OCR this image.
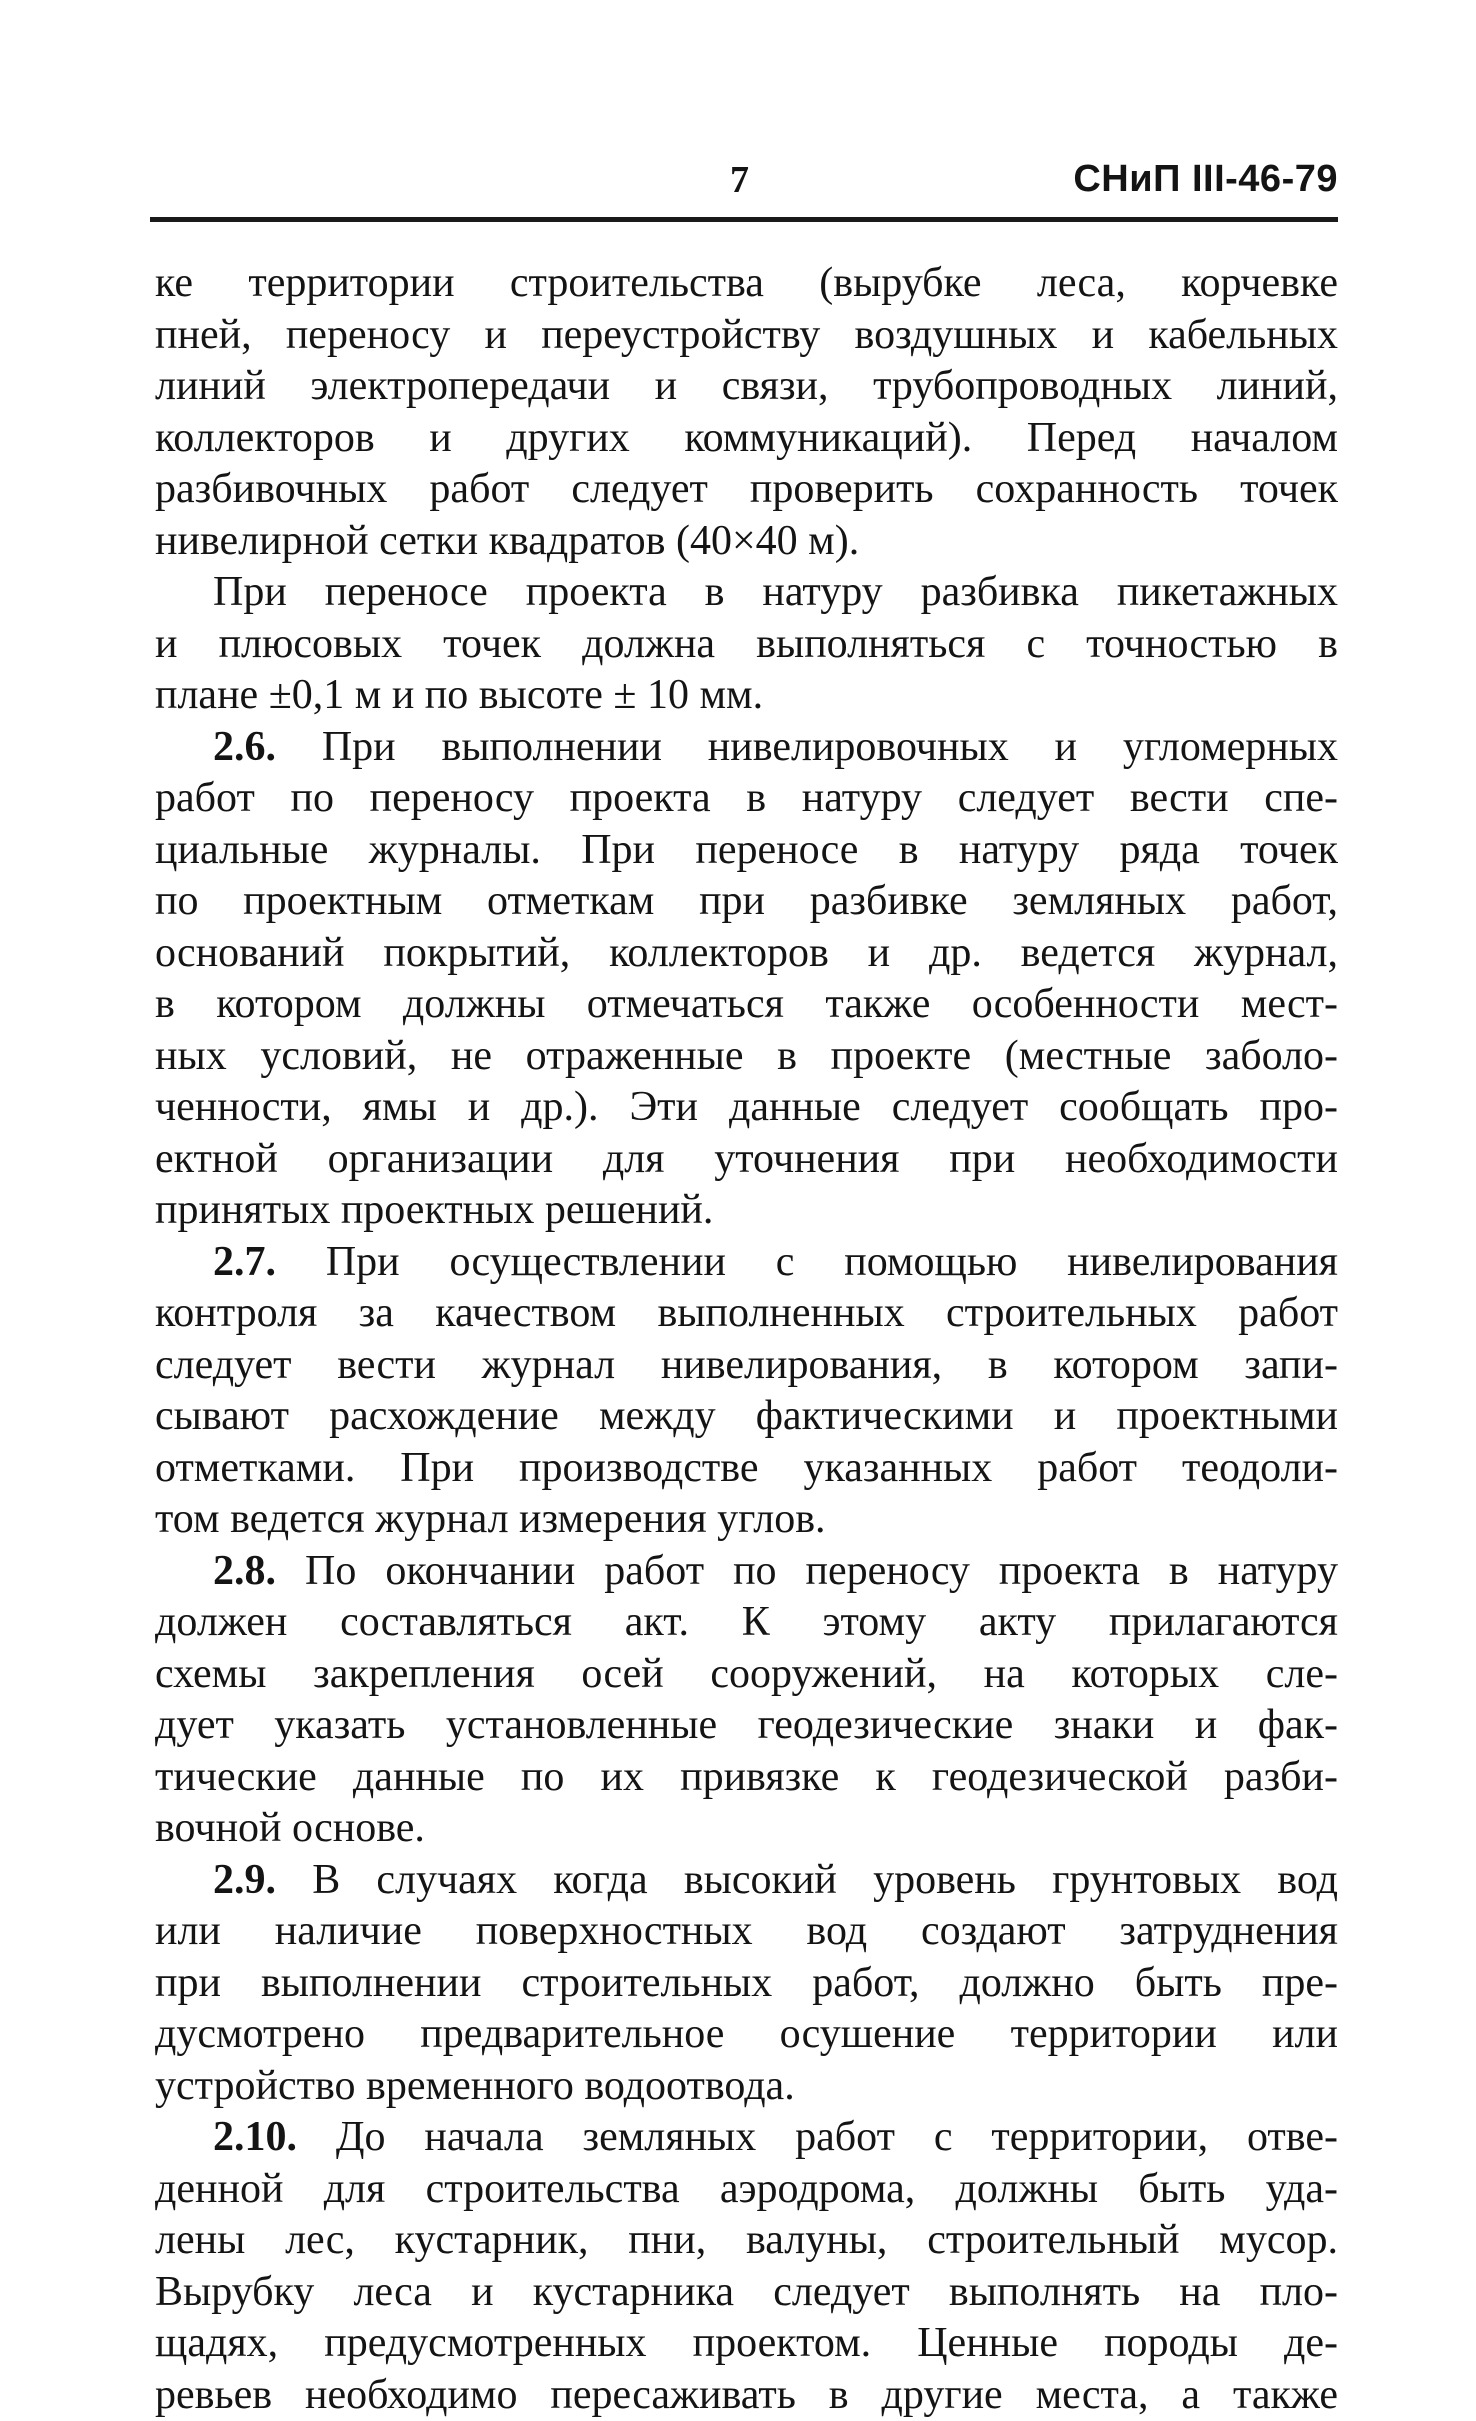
7	СНиП III-46-79
ке территории строительства (вырубке леса, корчевке
пней, переносу и переустройству воздушных и кабельных
линий электропередачи и связи, трубопроводных линий,
коллекторов и других коммуникаций). Перед началом
разбивочных работ следует проверить сохранность точек
нивелирной сетки квадратов (40×40 м).
При переносе проекта в натуру разбивка пикетажных
и плюсовых точек должна выполняться с точностью в
плане ±0,1 м и по высоте ± 10 мм.
2.6. При выполнении нивелировочных и угломерных
работ по переносу проекта в натуру следует вести спе-
циальные журналы. При переносе в натуру ряда точек
по проектным отметкам при разбивке земляных работ,
оснований покрытий, коллекторов и др. ведется журнал,
в котором должны отмечаться также особенности мест-
ных условий, не отраженные в проекте (местные заболо-
ченности, ямы и др.). Эти данные следует сообщать про-
ектной организации для уточнения при необходимости
принятых проектных решений.
2.7. При осуществлении с помощью нивелирования
контроля за качеством выполненных строительных работ
следует вести журнал нивелирования, в котором запи-
сывают расхождение между фактическими и проектными
отметками. При производстве указанных работ теодоли-
том ведется журнал измерения углов.
2.8. По окончании работ по переносу проекта в натуру
должен составляться акт. К этому акту прилагаются
схемы закрепления осей сооружений, на которых сле-
дует указать установленные геодезические знаки и фак-
тические данные по их привязке к геодезической разби-
вочной основе.
2.9. В случаях когда высокий уровень грунтовых вод
или наличие поверхностных вод создают затруднения
при выполнении строительных работ, должно быть пре-
дусмотрено предварительное осушение территории или
устройство временного водоотвода.
2.10. До начала земляных работ с территории, отве-
денной для строительства аэродрома, должны быть уда-
лены лес, кустарник, пни, валуны, строительный мусор.
Вырубку леса и кустарника следует выполнять на пло-
щадях, предусмотренных проектом. Ценные породы де-
ревьев необходимо пересаживать в другие места, а также
